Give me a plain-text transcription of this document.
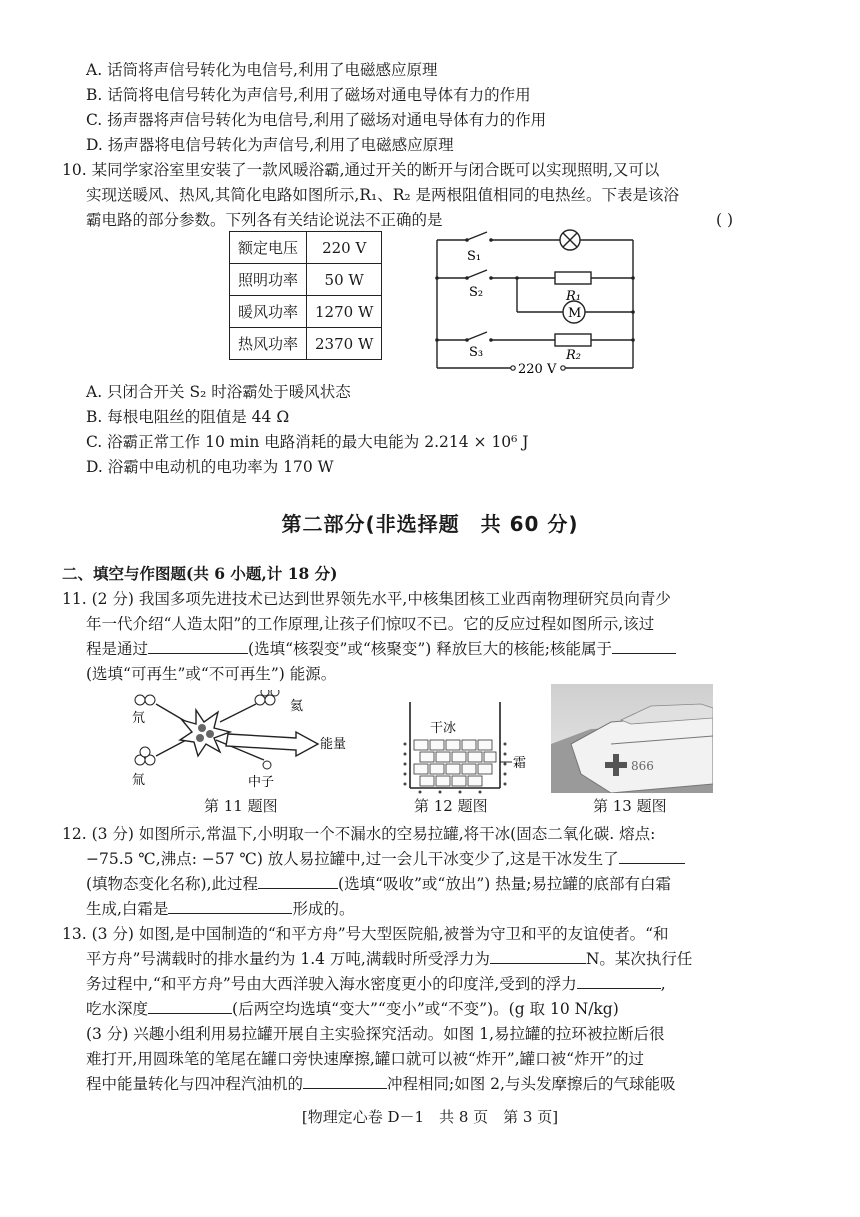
A. 话筒将声信号转化为电信号,利用了电磁感应原理
B. 话筒将电信号转化为声信号,利用了磁场对通电导体有力的作用
C. 扬声器将声信号转化为电信号,利用了磁场对通电导体有力的作用
D. 扬声器将电信号转化为声信号,利用了电磁感应原理
10. 某同学家浴室里安装了一款风暖浴霸,通过开关的断开与闭合既可以实现照明,又可以
实现送暖风、热风,其简化电路如图所示,R₁、R₂ 是两根阻值相同的电热丝。下表是该浴
霸电路的部分参数。下列各有关结论说法不正确的是	( )
额定电压	220 V
照明功率	50 W
暖风功率	1270 W
热风功率	2370 W
S₁
S₂
S₃
R₁
R₂
M
220 V
A. 只闭合开关 S₂ 时浴霸处于暖风状态
B. 每根电阻丝的阻值是 44 Ω
C. 浴霸正常工作 10 min 电路消耗的最大电能为 2.214 × 10⁶ J
D. 浴霸中电动机的电功率为 170 W
第二部分(非选择题　共 60 分)
二、填空与作图题(共 6 小题,计 18 分)
11. (2 分) 我国多项先进技术已达到世界领先水平,中核集团核工业西南物理研究员向青少
年一代介绍“人造太阳”的工作原理,让孩子们惊叹不已。它的反应过程如图所示,该过
程是通过	(选填“核裂变”或“核聚变”) 释放巨大的核能;核能属于
(选填“可再生”或“不可再生”) 能源。
氘
氚
氦
能量
中子
第 11 题图
干冰
霜
第 12 题图
866
第 13 题图
12. (3 分) 如图所示,常温下,小明取一个不漏水的空易拉罐,将干冰(固态二氧化碳. 熔点:
−75.5 ℃,沸点: −57 ℃) 放人易拉罐中,过一会儿干冰变少了,这是干冰发生了
(填物态变化名称),此过程	(选填“吸收”或“放出”) 热量;易拉罐的底部有白霜
生成,白霜是	形成的。
13. (3 分) 如图,是中国制造的“和平方舟”号大型医院船,被誉为守卫和平的友谊使者。“和
平方舟”号满载时的排水量约为 1.4 万吨,满载时所受浮力为	N。某次执行任
务过程中,“和平方舟”号由大西洋驶入海水密度更小的印度洋,受到的浮力	,
吃水深度	(后两空均选填“变大”“变小”或“不变”)。(g 取 10 N/kg)
(3 分) 兴趣小组利用易拉罐开展自主实验探究活动。如图 1,易拉罐的拉环被拉断后很
难打开,用圆珠笔的笔尾在罐口旁快速摩擦,罐口就可以被“炸开”,罐口被“炸开”的过
程中能量转化与四冲程汽油机的	冲程相同;如图 2,与头发摩擦后的气球能吸
[物理定心卷 D－1　共 8 页　第 3 页]
